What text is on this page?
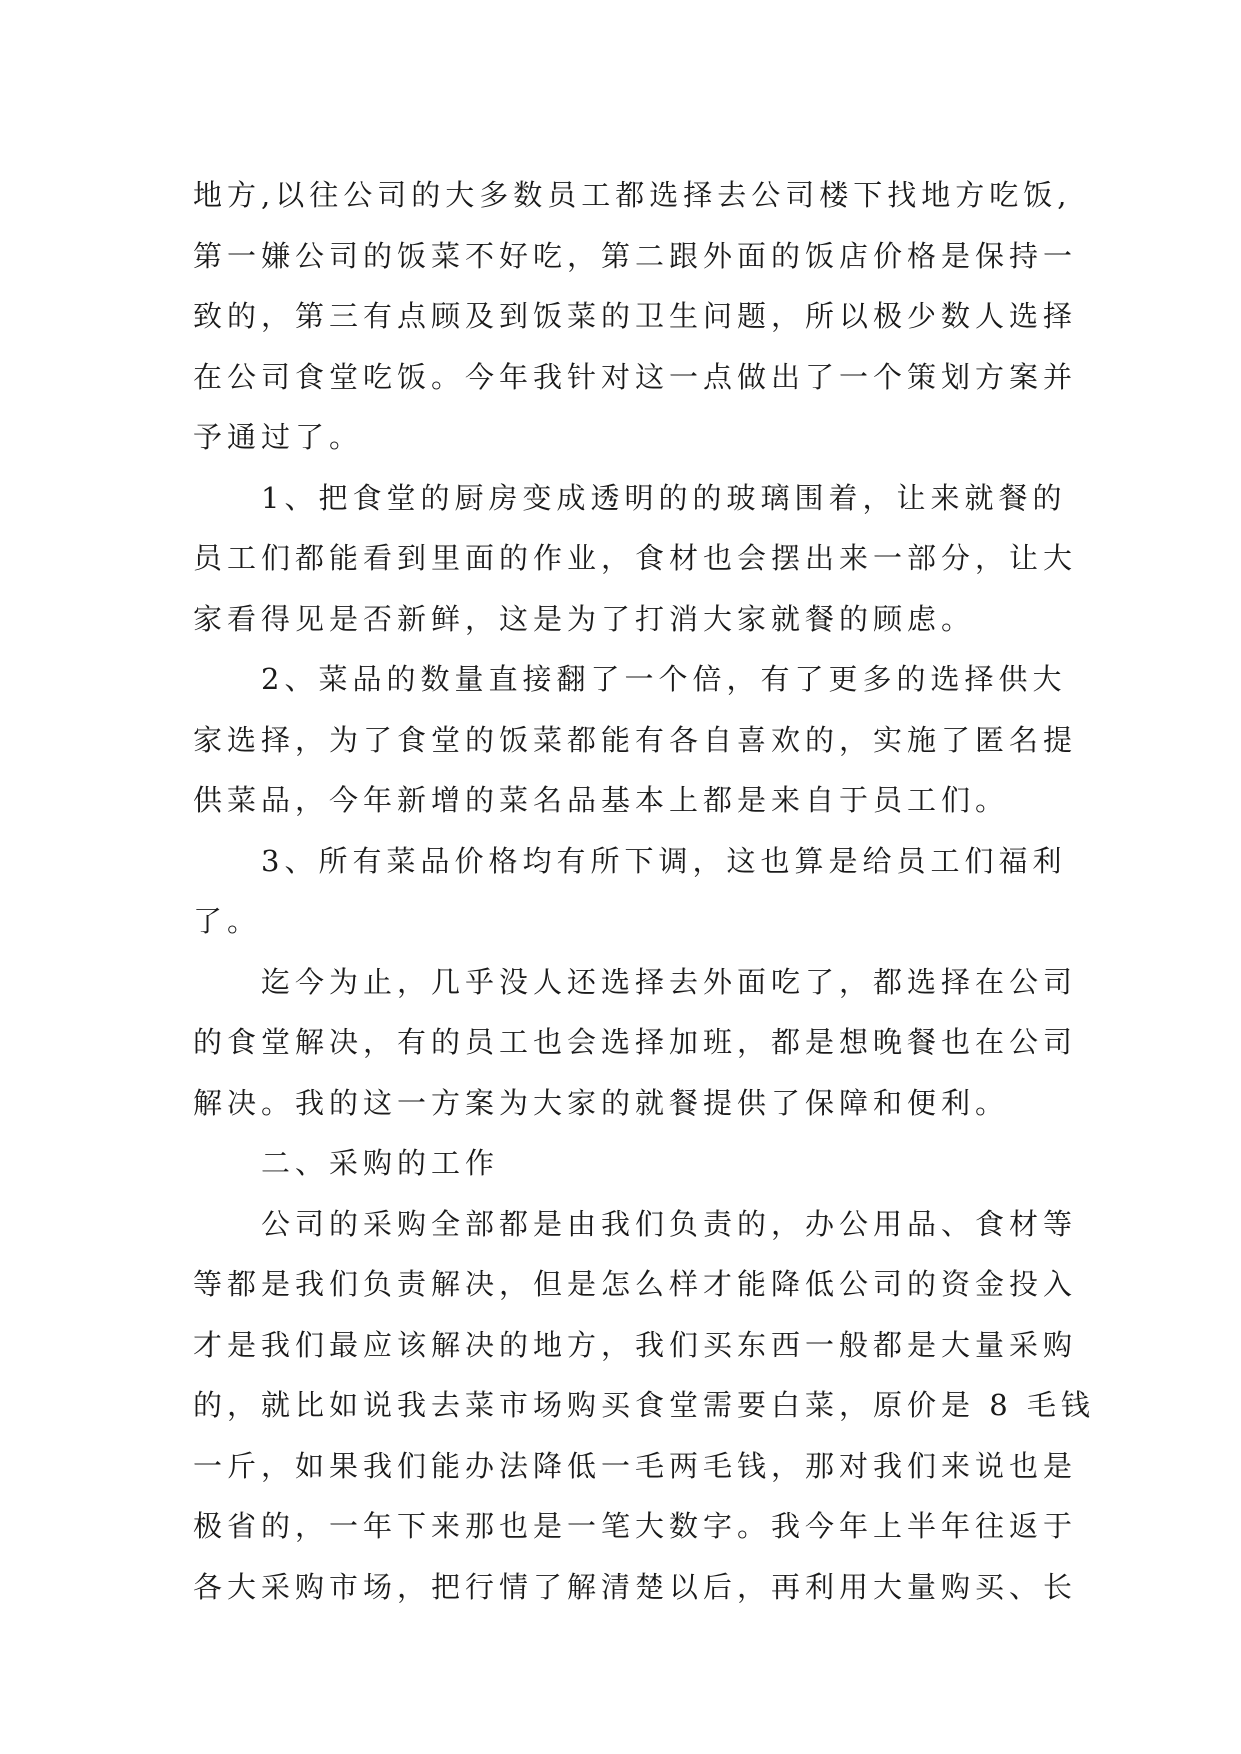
地方,以往公司的大多数员工都选择去公司楼下找地方吃饭,
第一嫌公司的饭菜不好吃，第二跟外面的饭店价格是保持一
致的，第三有点顾及到饭菜的卫生问题，所以极少数人选择
在公司食堂吃饭。今年我针对这一点做出了一个策划方案并
予通过了。
1、把食堂的厨房变成透明的的玻璃围着，让来就餐的
员工们都能看到里面的作业，食材也会摆出来一部分，让大
家看得见是否新鲜，这是为了打消大家就餐的顾虑。
2、菜品的数量直接翻了一个倍，有了更多的选择供大
家选择，为了食堂的饭菜都能有各自喜欢的，实施了匿名提
供菜品，今年新增的菜名品基本上都是来自于员工们。
3、所有菜品价格均有所下调，这也算是给员工们福利
了。
迄今为止，几乎没人还选择去外面吃了，都选择在公司
的食堂解决，有的员工也会选择加班，都是想晚餐也在公司
解决。我的这一方案为大家的就餐提供了保障和便利。
二、采购的工作
公司的采购全部都是由我们负责的，办公用品、食材等
等都是我们负责解决，但是怎么样才能降低公司的资金投入
才是我们最应该解决的地方，我们买东西一般都是大量采购
的，就比如说我去菜市场购买食堂需要白菜，原价是 8 毛钱
一斤，如果我们能办法降低一毛两毛钱，那对我们来说也是
极省的，一年下来那也是一笔大数字。我今年上半年往返于
各大采购市场，把行情了解清楚以后，再利用大量购买、长
